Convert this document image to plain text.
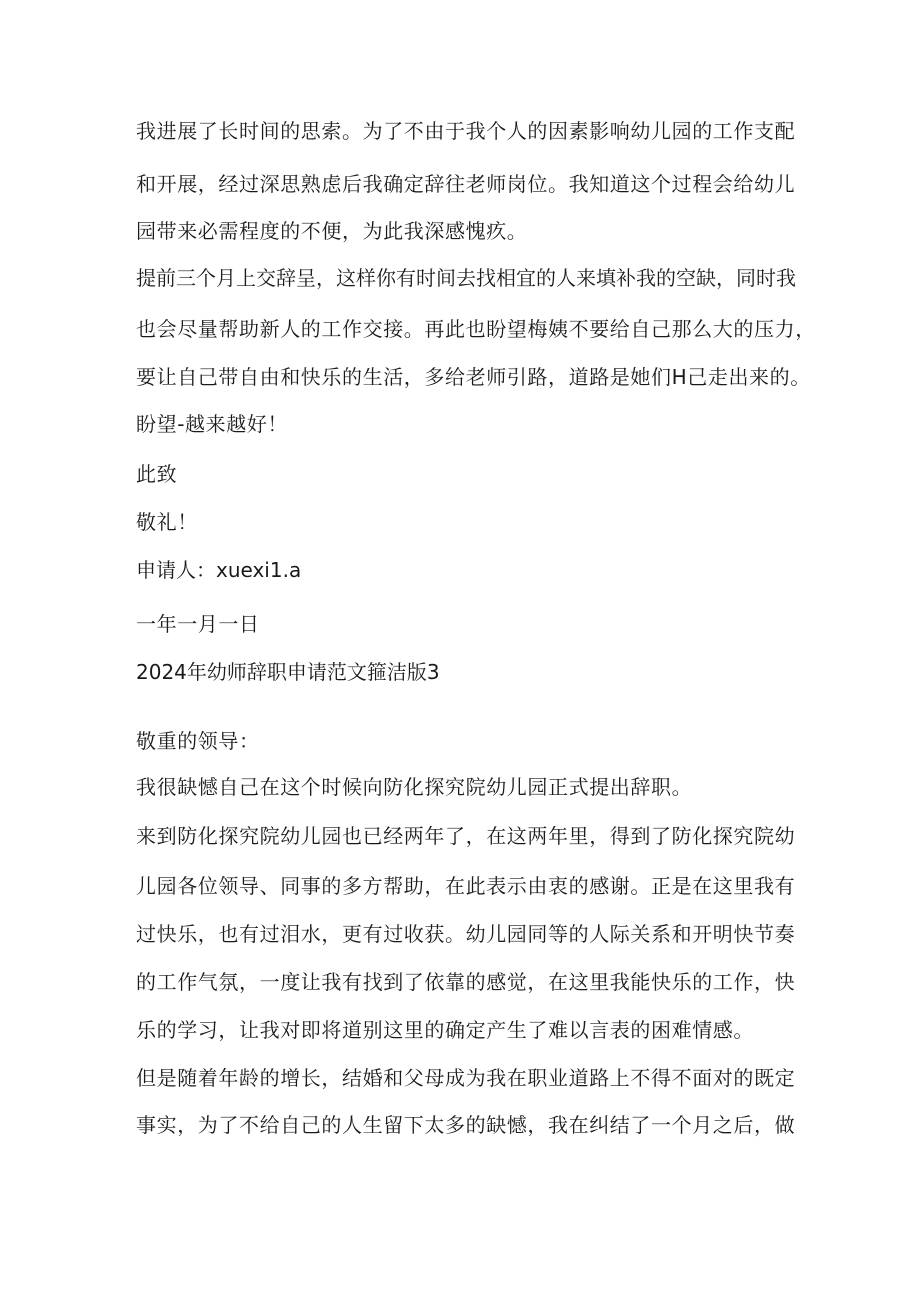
我进展了长时间的思索。为了不由于我个人的因素影响幼儿园的工作支配
和开展，经过深思熟虑后我确定辞往老师岗位。我知道这个过程会给幼儿
园带来必需程度的不便，为此我深感愧疚。
提前三个月上交辞呈，这样你有时间去找相宜的人来填补我的空缺，同时我
也会尽量帮助新人的工作交接。再此也盼望梅姨不要给自己那么大的压力，
要让自己带自由和快乐的生活，多给老师引路，道路是她们H己走出来的。
盼望-越来越好！
此致
敬礼！
申请人：xuexi1.a
一年一月一日
2024年幼师辞职申请范文箍洁版3
敬重的领导：
我很缺憾自己在这个时候向防化探究院幼儿园正式提出辞职。
来到防化探究院幼儿园也已经两年了，在这两年里，得到了防化探究院幼
儿园各位领导、同事的多方帮助，在此表示由衷的感谢。正是在这里我有
过快乐，也有过泪水，更有过收获。幼儿园同等的人际关系和开明快节奏
的工作气氛，一度让我有找到了依靠的感觉，在这里我能快乐的工作，快
乐的学习，让我对即将道别这里的确定产生了难以言表的困难情感。
但是随着年龄的增长，结婚和父母成为我在职业道路上不得不面对的既定
事实，为了不给自己的人生留下太多的缺憾，我在纠结了一个月之后，做
